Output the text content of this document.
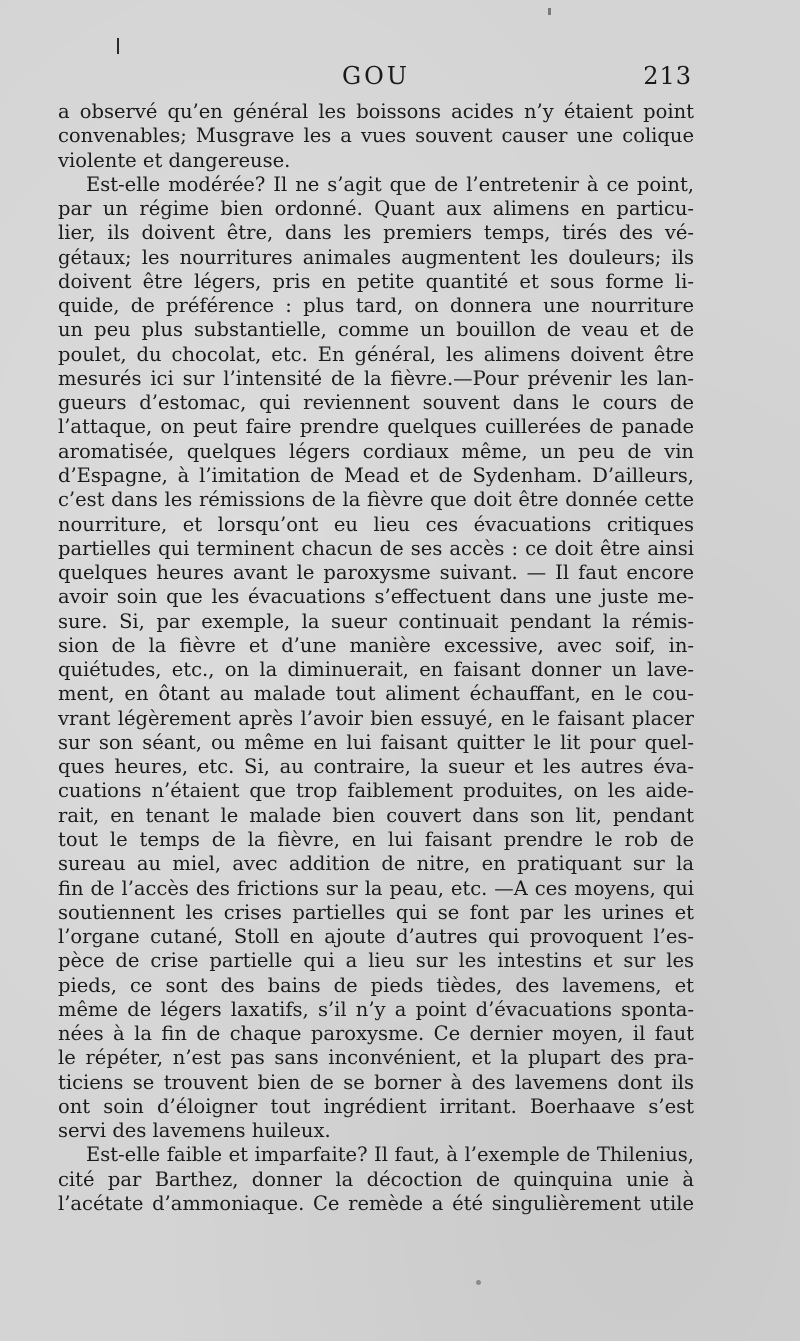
GOU	213
a observé qu’en général les boissons acides n’y étaient point
convenables; Musgrave les a vues souvent causer une colique
violente et dangereuse.
Est-elle modérée? Il ne s’agit que de l’entretenir à ce point,
par un régime bien ordonné. Quant aux alimens en particu-
lier, ils doivent être, dans les premiers temps, tirés des vé-
gétaux; les nourritures animales augmentent les douleurs; ils
doivent être légers, pris en petite quantité et sous forme li-
quide, de préférence : plus tard, on donnera une nourriture
un peu plus substantielle, comme un bouillon de veau et de
poulet, du chocolat, etc. En général, les alimens doivent être
mesurés ici sur l’intensité de la fièvre.—Pour prévenir les lan-
gueurs d’estomac, qui reviennent souvent dans le cours de
l’attaque, on peut faire prendre quelques cuillerées de panade
aromatisée, quelques légers cordiaux même, un peu de vin
d’Espagne, à l’imitation de Mead et de Sydenham. D’ailleurs,
c’est dans les rémissions de la fièvre que doit être donnée cette
nourriture, et lorsqu’ont eu lieu ces évacuations critiques
partielles qui terminent chacun de ses accès : ce doit être ainsi
quelques heures avant le paroxysme suivant. — Il faut encore
avoir soin que les évacuations s’effectuent dans une juste me-
sure. Si, par exemple, la sueur continuait pendant la rémis-
sion de la fièvre et d’une manière excessive, avec soif, in-
quiétudes, etc., on la diminuerait, en faisant donner un lave-
ment, en ôtant au malade tout aliment échauffant, en le cou-
vrant légèrement après l’avoir bien essuyé, en le faisant placer
sur son séant, ou même en lui faisant quitter le lit pour quel-
ques heures, etc. Si, au contraire, la sueur et les autres éva-
cuations n’étaient que trop faiblement produites, on les aide-
rait, en tenant le malade bien couvert dans son lit, pendant
tout le temps de la fièvre, en lui faisant prendre le rob de
sureau au miel, avec addition de nitre, en pratiquant sur la
fin de l’accès des frictions sur la peau, etc. —A ces moyens, qui
soutiennent les crises partielles qui se font par les urines et
l’organe cutané, Stoll en ajoute d’autres qui provoquent l’es-
pèce de crise partielle qui a lieu sur les intestins et sur les
pieds, ce sont des bains de pieds tièdes, des lavemens, et
même de légers laxatifs, s’il n’y a point d’évacuations sponta-
nées à la fin de chaque paroxysme. Ce dernier moyen, il faut
le répéter, n’est pas sans inconvénient, et la plupart des pra-
ticiens se trouvent bien de se borner à des lavemens dont ils
ont soin d’éloigner tout ingrédient irritant. Boerhaave s’est
servi des lavemens huileux.
Est-elle faible et imparfaite? Il faut, à l’exemple de Thilenius,
cité par Barthez, donner la décoction de quinquina unie à
l’acétate d’ammoniaque. Ce remède a été singulièrement utile
